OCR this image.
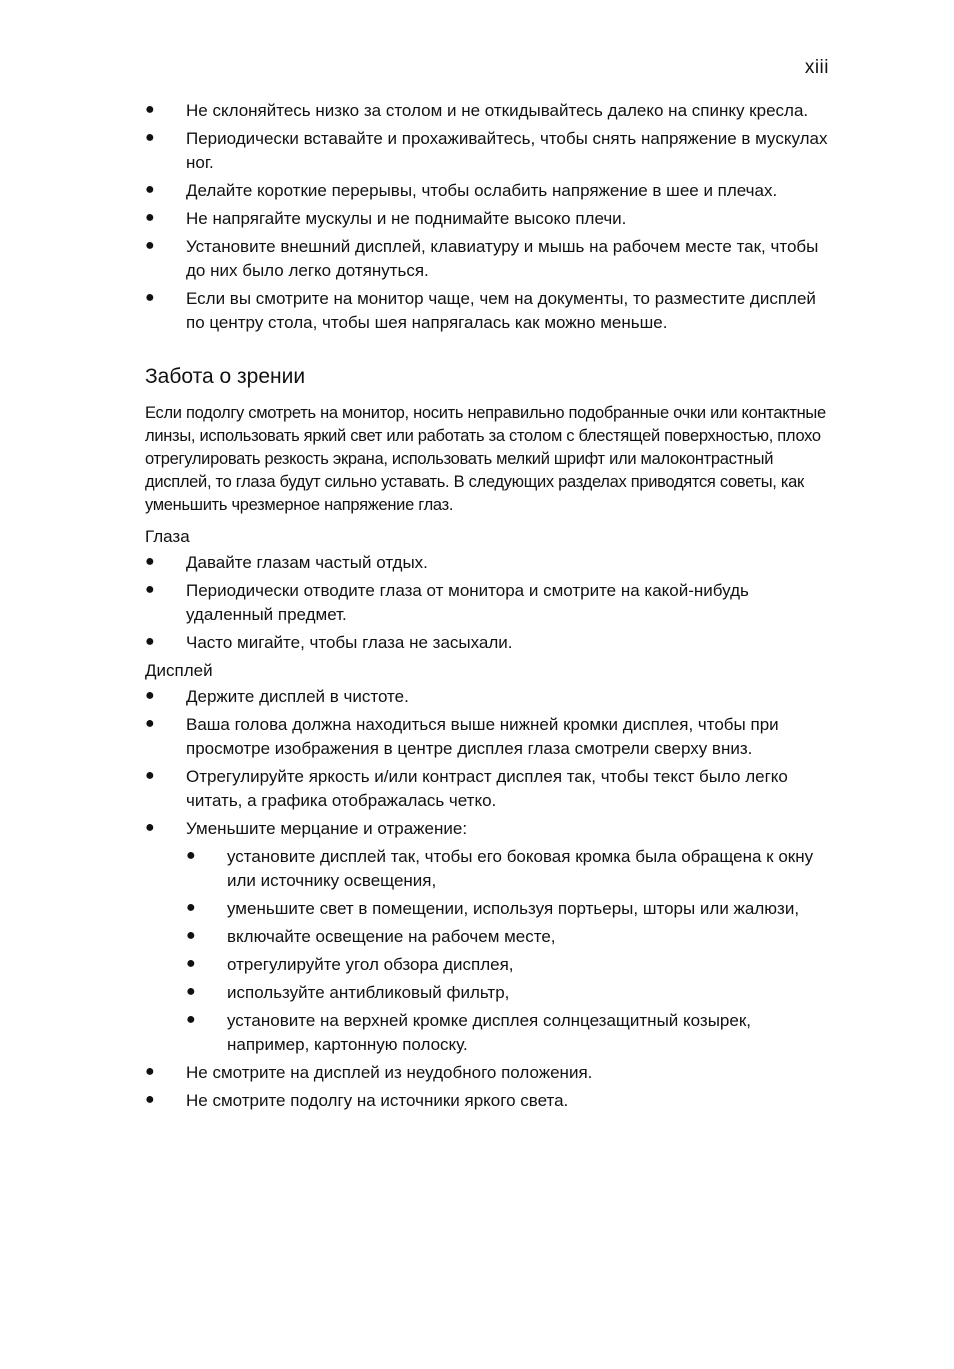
xiii
● Не склоняйтесь низко за столом и не откидывайтесь далеко на спинку кресла.
● Периодически вставайте и прохаживайтесь, чтобы снять напряжение в мускулах ног.
● Делайте короткие перерывы, чтобы ослабить напряжение в шее и плечах.
● Не напрягайте мускулы и не поднимайте высоко плечи.
● Установите внешний дисплей, клавиатуру и мышь на рабочем месте так, чтобы до них было легко дотянуться.
● Если вы смотрите на монитор чаще, чем на документы, то разместите дисплей по центру стола, чтобы шея напрягалась как можно меньше.
Забота о зрении

Если подолгу смотреть на монитор, носить неправильно подобранные очки или контактные линзы, использовать яркий свет или работать за столом с блестящей поверхностью, плохо отрегулировать резкость экрана, использовать мелкий шрифт или малоконтрастный дисплей, то глаза будут сильно уставать. В следующих разделах приводятся советы, как уменьшить чрезмерное напряжение глаз.

Глаза
● Давайте глазам частый отдых.
● Периодически отводите глаза от монитора и смотрите на какой-нибудь удаленный предмет.
● Часто мигайте, чтобы глаза не засыхали.
Дисплей
● Держите дисплей в чистоте.
● Ваша голова должна находиться выше нижней кромки дисплея, чтобы при просмотре изображения в центре дисплея глаза смотрели сверху вниз.
● Отрегулируйте яркость и/или контраст дисплея так, чтобы текст было легко читать, а графика отображалась четко.
● Уменьшите мерцание и отражение:
● установите дисплей так, чтобы его боковая кромка была обращена к окну или источнику освещения,
● уменьшите свет в помещении, используя портьеры, шторы или жалюзи,
● включайте освещение на рабочем месте,
● отрегулируйте угол обзора дисплея,
● используйте антибликовый фильтр,
● установите на верхней кромке дисплея солнцезащитный козырек, например, картонную полоску.
● Не смотрите на дисплей из неудобного положения.
● Не смотрите подолгу на источники яркого света.
